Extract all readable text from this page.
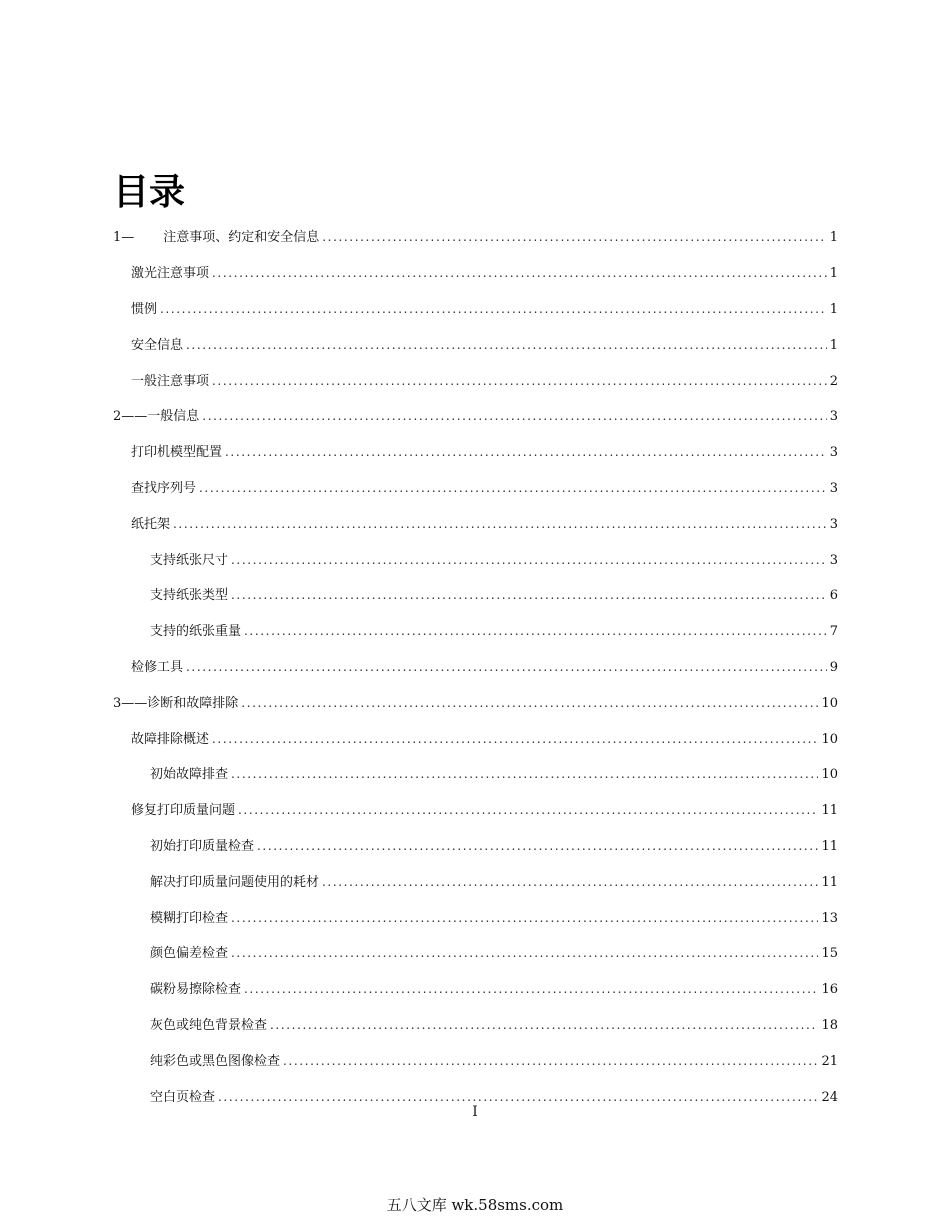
目录
1— 注意事项、约定和安全信息 .....	1
激光注意事项 .....	1
惯例 .....	1
安全信息 .....	1
一般注意事项 .....	2
2——一般信息 .....	3
打印机模型配置 .....	3
查找序列号 .....	3
纸托架 .....	3
支持纸张尺寸 .....	3
支持纸张类型 .....	6
支持的纸张重量 .....	7
检修工具 .....	9
3——诊断和故障排除 .....	10
故障排除概述 .....	10
初始故障排查 .....	10
修复打印质量问题 .....	11
初始打印质量检查 .....	11
解决打印质量问题使用的耗材 .....	11
模糊打印检查 .....	13
颜色偏差检查 .....	15
碳粉易擦除检查 .....	16
灰色或纯色背景检查 .....	18
纯彩色或黑色图像检查 .....	21
空白页检查 .....	24
I
五八文库 wk.58sms.com
